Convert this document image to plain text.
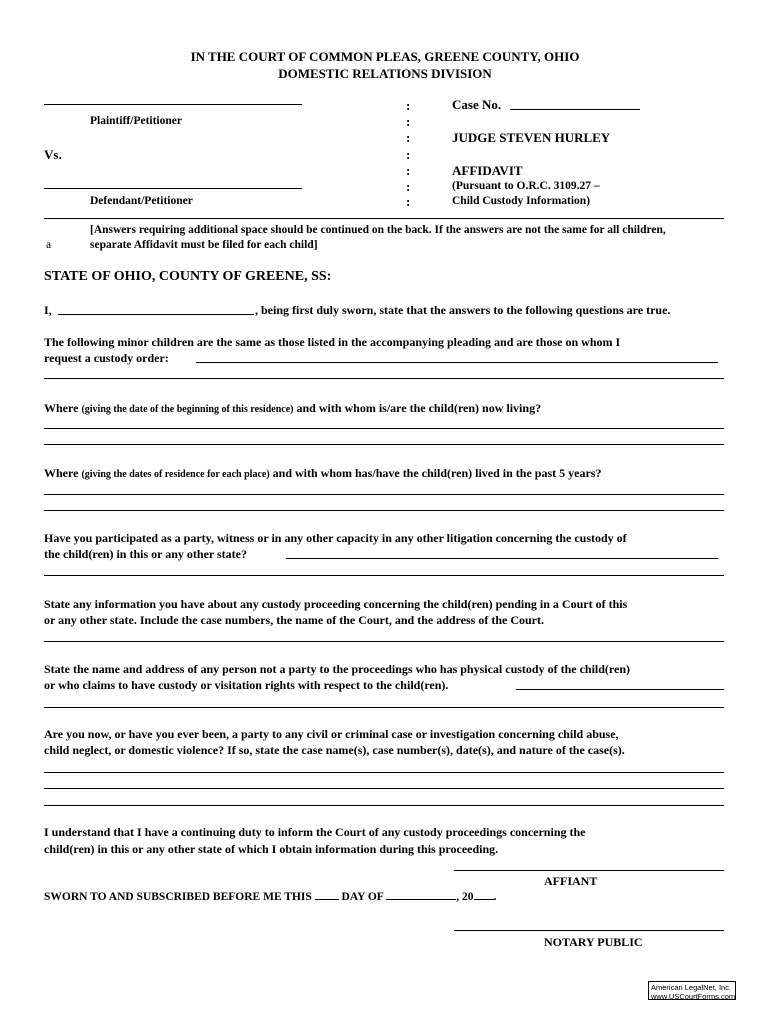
IN THE COURT OF COMMON PLEAS, GREENE COUNTY, OHIO
DOMESTIC RELATIONS DIVISION
Plaintiff/Petitioner
Vs.
Defendant/Petitioner
:
:
:
:
:
:
:
Case No.
JUDGE STEVEN HURLEY
AFFIDAVIT
(Pursuant to O.R.C. 3109.27 –
Child Custody Information)
[Answers requiring additional space should be continued on the back. If the answers are not the same for all children,
a	separate Affidavit must be filed for each child]
STATE OF OHIO, COUNTY OF GREENE, SS:
I,	, being first duly sworn, state that the answers to the following questions are true.
The following minor children are the same as those listed in the accompanying pleading and are those on whom I
request a custody order:
Where (giving the date of the beginning of this residence) and with whom is/are the child(ren) now living?
Where (giving the dates of residence for each place) and with whom has/have the child(ren) lived in the past 5 years?
Have you participated as a party, witness or in any other capacity in any other litigation concerning the custody of
the child(ren) in this or any other state?
State any information you have about any custody proceeding concerning the child(ren) pending in a Court of this
or any other state. Include the case numbers, the name of the Court, and the address of the Court.
State the name and address of any person not a party to the proceedings who has physical custody of the child(ren)
or who claims to have custody or visitation rights with respect to the child(ren).
Are you now, or have you ever been, a party to any civil or criminal case or investigation concerning child abuse,
child neglect, or domestic violence? If so, state the case name(s), case number(s), date(s), and nature of the case(s).
I understand that I have a continuing duty to inform the Court of any custody proceedings concerning the
child(ren) in this or any other state of which I obtain information during this proceeding.
AFFIANT
SWORN TO AND SUBSCRIBED BEFORE ME THIS	DAY OF	, 20 .
NOTARY PUBLIC
American LegalNet, Inc.
www.USCourtForms.com
